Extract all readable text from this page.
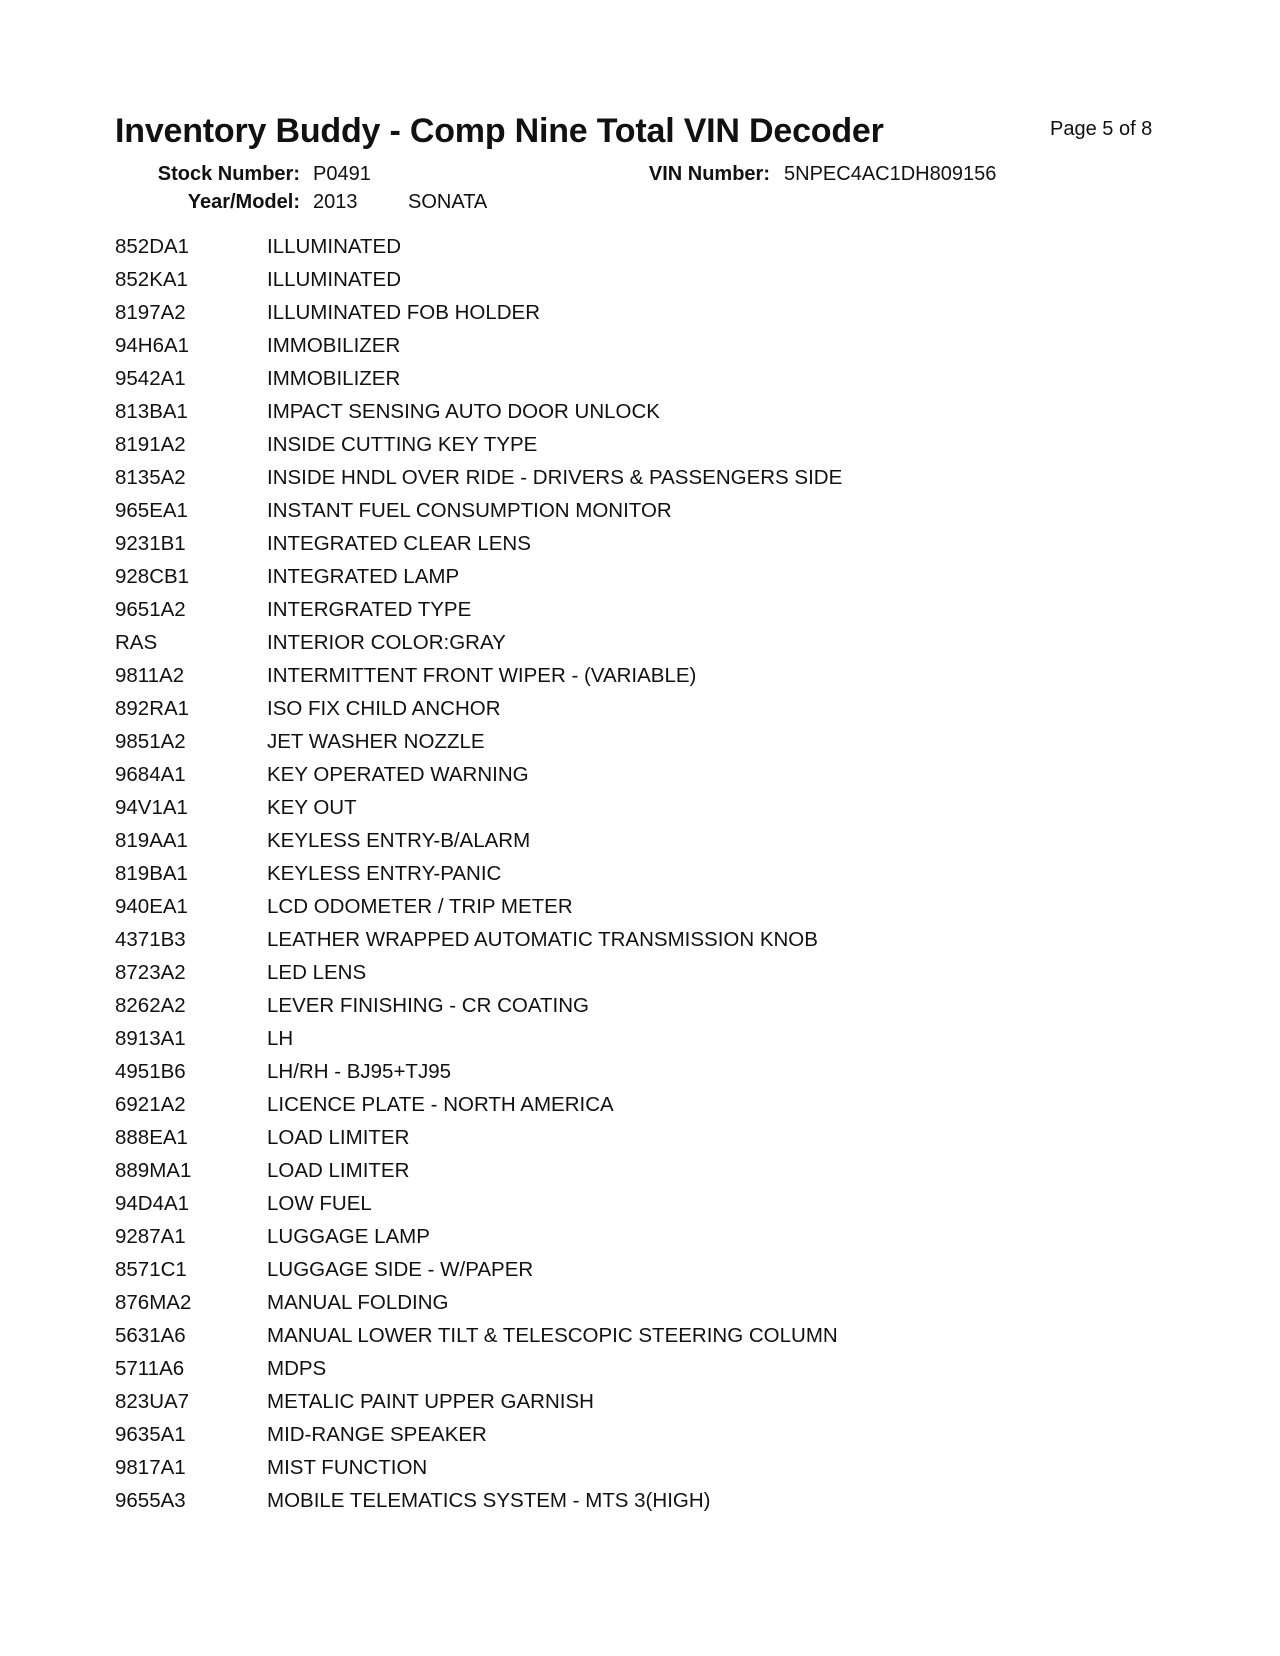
Inventory Buddy - Comp Nine Total VIN Decoder	Page 5 of 8
Stock Number: P0491
Year/Model: 2013	SONATA
VIN Number: 5NPEC4AC1DH809156
852DA1	ILLUMINATED
852KA1	ILLUMINATED
8197A2	ILLUMINATED FOB HOLDER
94H6A1	IMMOBILIZER
9542A1	IMMOBILIZER
813BA1	IMPACT SENSING AUTO DOOR UNLOCK
8191A2	INSIDE CUTTING KEY TYPE
8135A2	INSIDE HNDL OVER RIDE - DRIVERS & PASSENGERS SIDE
965EA1	INSTANT FUEL CONSUMPTION MONITOR
9231B1	INTEGRATED CLEAR LENS
928CB1	INTEGRATED LAMP
9651A2	INTERGRATED TYPE
RAS	INTERIOR COLOR:GRAY
9811A2	INTERMITTENT FRONT WIPER - (VARIABLE)
892RA1	ISO FIX CHILD ANCHOR
9851A2	JET WASHER NOZZLE
9684A1	KEY OPERATED WARNING
94V1A1	KEY OUT
819AA1	KEYLESS ENTRY-B/ALARM
819BA1	KEYLESS ENTRY-PANIC
940EA1	LCD ODOMETER / TRIP METER
4371B3	LEATHER WRAPPED AUTOMATIC TRANSMISSION KNOB
8723A2	LED LENS
8262A2	LEVER FINISHING - CR COATING
8913A1	LH
4951B6	LH/RH - BJ95+TJ95
6921A2	LICENCE PLATE - NORTH AMERICA
888EA1	LOAD LIMITER
889MA1	LOAD LIMITER
94D4A1	LOW FUEL
9287A1	LUGGAGE LAMP
8571C1	LUGGAGE SIDE - W/PAPER
876MA2	MANUAL FOLDING
5631A6	MANUAL LOWER TILT & TELESCOPIC STEERING COLUMN
5711A6	MDPS
823UA7	METALIC PAINT UPPER GARNISH
9635A1	MID-RANGE SPEAKER
9817A1	MIST FUNCTION
9655A3	MOBILE TELEMATICS SYSTEM - MTS 3(HIGH)
